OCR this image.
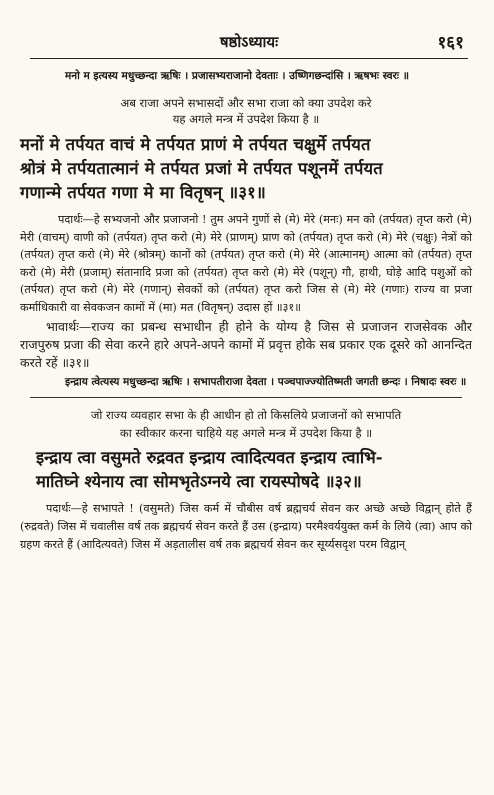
षष्ठोऽध्यायः	१६१

मनो म इत्यस्य मधुच्छन्दा ऋषिः । प्रजासभ्यराजानो देवताः । उष्णिगछन्दांसि । ऋषभः स्वरः ॥

अब राजा अपने सभासदों और सभा राजा को क्या उपदेश करे
यह अगले मन्त्र में उपदेश किया है ॥
मनों मे तर्पयत वाचं मे तर्पयत प्राणं मे तर्पयत चक्षुर्मे तर्पयत
श्रोत्रं मे तर्पयतात्मानं मे तर्पयत प्रजां मे तर्पयत पशूनमें तर्पयत
गणान्मे तर्पयत गणा मे मा वितृषन् ॥३१॥

पदार्थः—हे सभ्यजनो और प्रजाजनो ! तुम अपने गुणों से (मे) मेरे (मनः) मन को (तर्पयत) तृप्त करो (मे) मेरी (वाचम्) वाणी को (तर्पयत) तृप्त करो (मे) मेरे (प्राणम्) प्राण को (तर्पयत) तृप्त करो (मे) मेरे (चक्षुः) नेत्रों को (तर्पयत) तृप्त करो (मे) मेरे (श्रोत्रम्) कानों को (तर्पयत) तृप्त करो (मे) मेरे (आत्मानम्) आत्मा को (तर्पयत) तृप्त करो (मे) मेरी (प्रजाम्) संतानादि प्रजा को (तर्पयत) तृप्त करो (मे) मेरे (पशून्) गौ, हाथी, घोड़े आदि पशुओं को (तर्पयत) तृप्त करो (मे) मेरे (गणान्) सेवकों को (तर्पयत) तृप्त करो जिस से (मे) मेरे (गणाः) राज्य वा प्रजा कर्माधिकारी वा सेवकजन कामों में (मा) मत (वितृषन्) उदास हों ॥३१॥

भावार्थः—राज्य का प्रबन्ध सभाधीन ही होने के योग्य है जिस से प्रजाजन राजसेवक और राजपुरुष प्रजा की सेवा करने हारे अपने-अपने कामों में प्रवृत्त होके सब प्रकार एक दूसरे को आनन्दित करते रहें ॥३१॥

इन्द्राय त्वेत्यस्य मधुच्छन्दा ऋषिः । सभापतीराजा देवता । पञ्चपाज्ज्योतिष्मती जगती छन्दः । निषादः स्वरः ॥

जो राज्य व्यवहार सभा के ही आधीन हो तो किसलिये प्रजाजनों को सभापति
का स्वीकार करना चाहिये यह अगले मन्त्र में उपदेश किया है ॥
इन्द्राय त्वा वसुमते रुद्रवत इन्द्राय त्वादित्यवत इन्द्राय त्वाभि-
मातिघ्ने श्येनाय त्वा सोमभृतेऽग्नये त्वा रायस्पोषदे ॥३२॥

पदार्थः—हे सभापते ! (वसुमते) जिस कर्म में चौबीस वर्ष ब्रह्मचर्य सेवन कर अच्छे अच्छे विद्वान् होते हैं (रुद्रवते) जिस में चवालीस वर्ष तक ब्रह्मचर्य सेवन करते हैं उस (इन्द्राय) परमैश्वर्ययुक्त कर्म के लिये (त्वा) आप को ग्रहण करते हैं (आदित्यवते) जिस में अड़तालीस वर्ष तक ब्रह्मचर्य सेवन कर सूर्य्यसदृश परम विद्वान्
